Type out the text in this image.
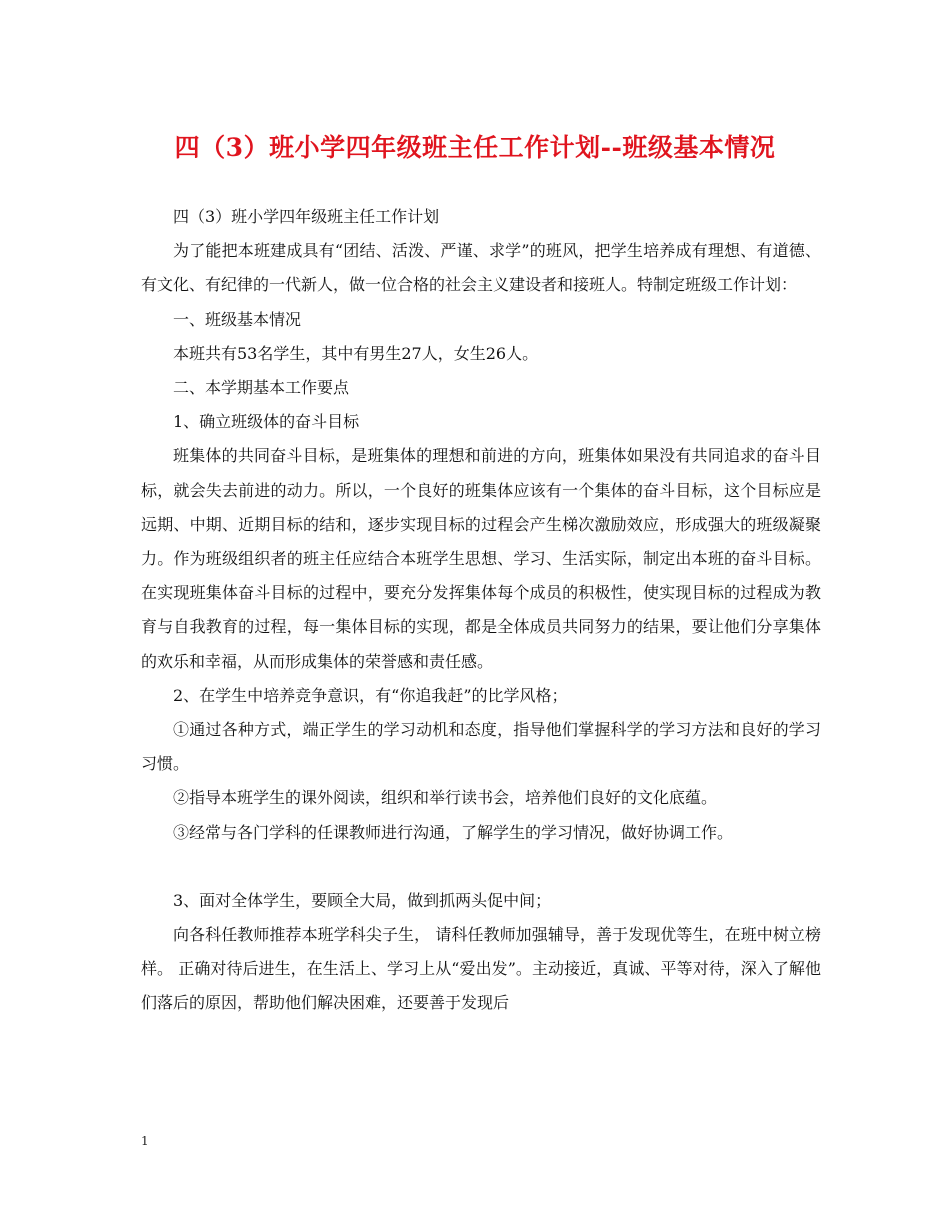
四（3）班小学四年级班主任工作计划--班级基本情况

四（3）班小学四年级班主任工作计划

为了能把本班建成具有“团结、活泼、严谨、求学”的班风，把学生培养成有理想、有道德、有文化、有纪律的一代新人，做一位合格的社会主义建设者和接班人。特制定班级工作计划：

一、班级基本情况

本班共有53名学生，其中有男生27人，女生26人。

二、本学期基本工作要点

1、确立班级体的奋斗目标

班集体的共同奋斗目标，是班集体的理想和前进的方向，班集体如果没有共同追求的奋斗目标，就会失去前进的动力。所以，一个良好的班集体应该有一个集体的奋斗目标，这个目标应是远期、中期、近期目标的结和，逐步实现目标的过程会产生梯次激励效应，形成强大的班级凝聚力。作为班级组织者的班主任应结合本班学生思想、学习、生活实际，制定出本班的奋斗目标。在实现班集体奋斗目标的过程中，要充分发挥集体每个成员的积极性，使实现目标的过程成为教育与自我教育的过程，每一集体目标的实现，都是全体成员共同努力的结果，要让他们分享集体的欢乐和幸福，从而形成集体的荣誉感和责任感。

2、在学生中培养竞争意识，有“你追我赶”的比学风格；

①通过各种方式，端正学生的学习动机和态度，指导他们掌握科学的学习方法和良好的学习习惯。

②指导本班学生的课外阅读，组织和举行读书会，培养他们良好的文化底蕴。

③经常与各门学科的任课教师进行沟通，了解学生的学习情况，做好协调工作。

3、面对全体学生，要顾全大局，做到抓两头促中间；

向各科任教师推荐本班学科尖子生， 请科任教师加强辅导，善于发现优等生，在班中树立榜样。 正确对待后进生，在生活上、学习上从“爱出发”。主动接近，真诚、平等对待，深入了解他们落后的原因，帮助他们解决困难，还要善于发现后

1
